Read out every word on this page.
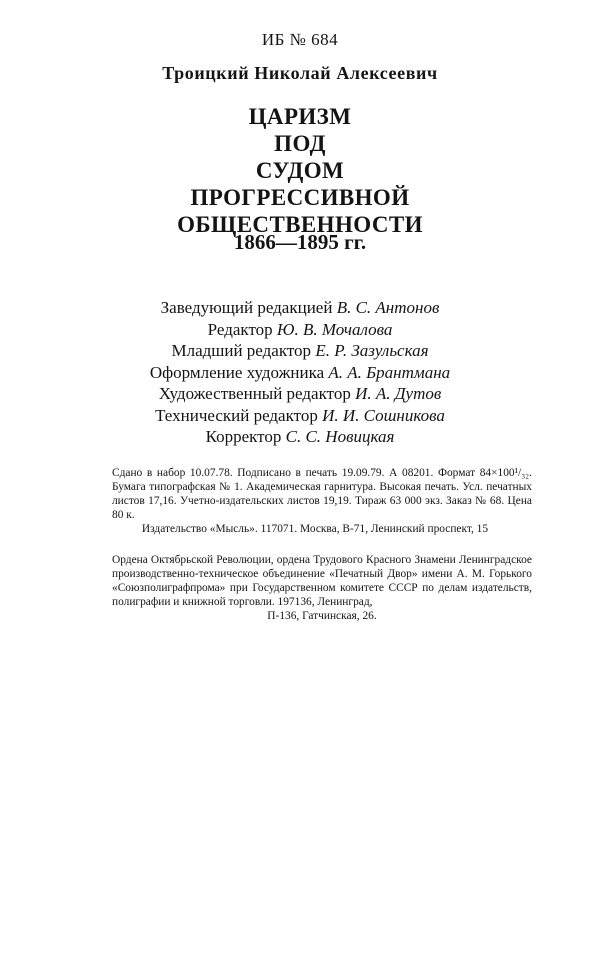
ИБ № 684
Троицкий Николай Алексеевич
ЦАРИЗМ
ПОД
СУДОМ
ПРОГРЕССИВНОЙ
ОБЩЕСТВЕННОСТИ
1866—1895 гг.
Заведующий редакцией В. С. Антонов
Редактор Ю. В. Мочалова
Младший редактор Е. Р. Зазульская
Оформление художника А. А. Брантмана
Художественный редактор И. А. Дутов
Технический редактор И. И. Сошникова
Корректор С. С. Новицкая
Сдано в набор 10.07.78. Подписано в печать 19.09.79. А 08201. Формат 84×100¹/₃₂. Бумага типографская № 1. Академическая гарнитура. Высокая печать. Усл. печатных листов 17,16. Учетно-издательских листов 19,19. Тираж 63 000 экз. Заказ № 68. Цена 80 к.
Издательство «Мысль». 117071. Москва, В-71, Ленинский проспект, 15
Ордена Октябрьской Революции, ордена Трудового Красного Знамени Ленинградское производственно-техническое объединение «Печатный Двор» имени А. М. Горького «Союзполиграфпрома» при Государственном комитете СССР по делам издательств, полиграфии и книжной торговли. 197136, Ленинград,
П-136, Гатчинская, 26.
